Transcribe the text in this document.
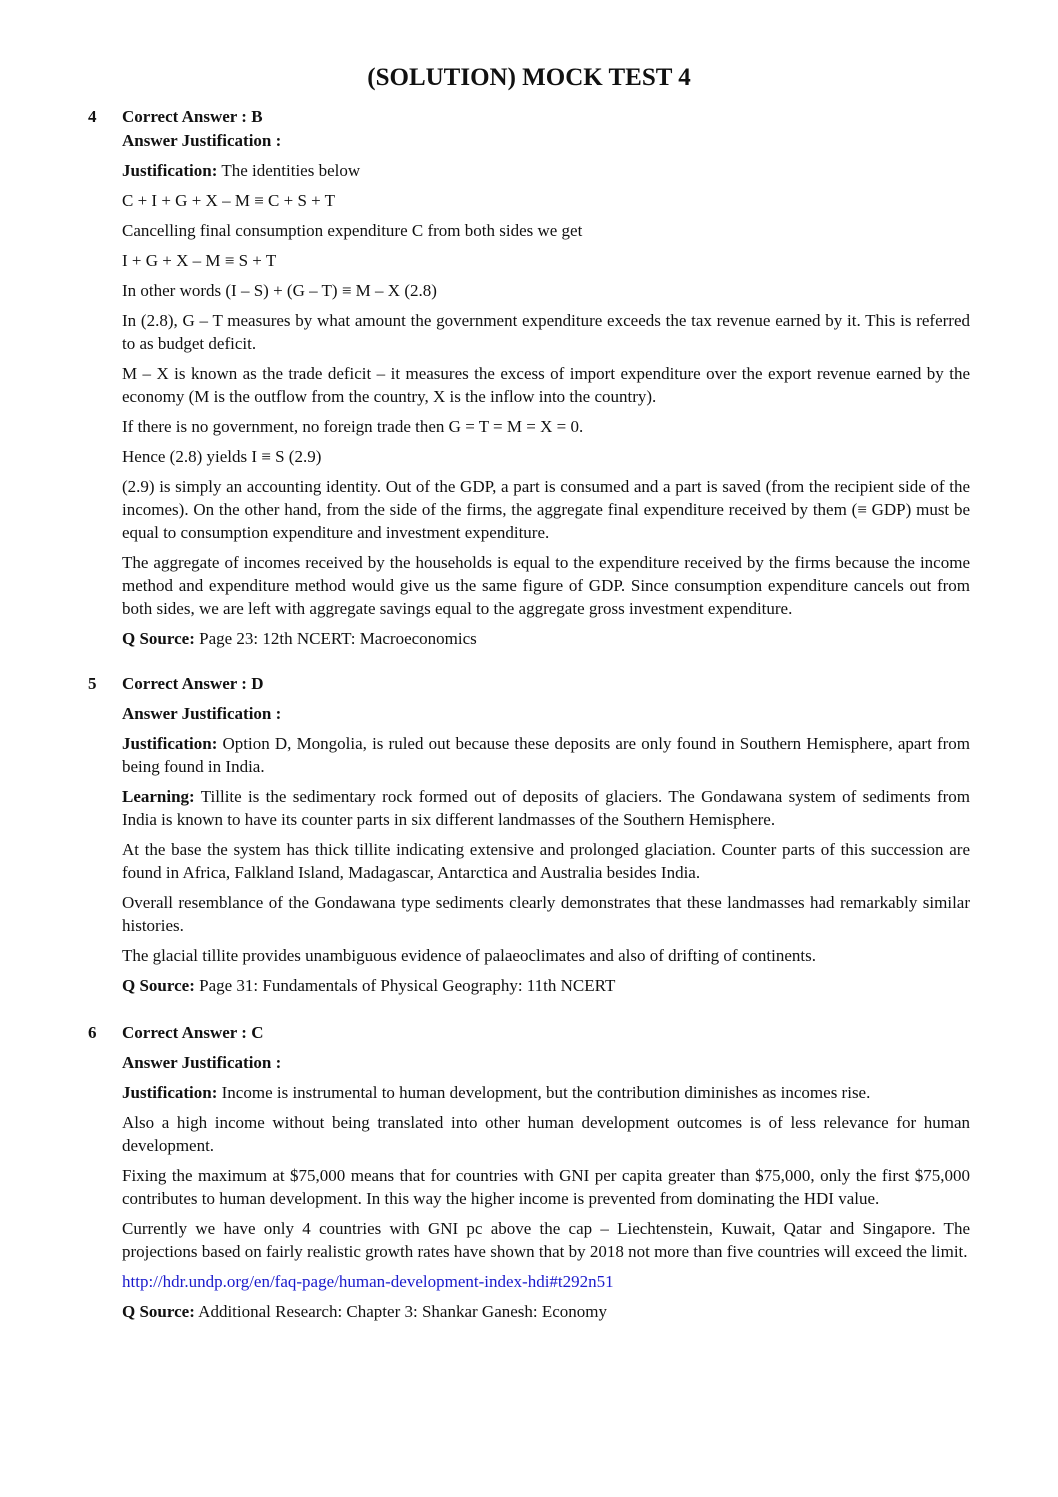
(SOLUTION) MOCK TEST 4
4 Correct Answer : B

Answer Justification :

Justification: The identities below

C + I + G + X – M ≡ C + S + T

Cancelling final consumption expenditure C from both sides we get

I + G + X – M ≡ S + T

In other words (I – S) + (G – T) ≡ M – X (2.8)

In (2.8), G – T measures by what amount the government expenditure exceeds the tax revenue earned by it. This is referred to as budget deficit.

M – X is known as the trade deficit – it measures the excess of import expenditure over the export revenue earned by the economy (M is the outflow from the country, X is the inflow into the country).

If there is no government, no foreign trade then G = T = M = X = 0.

Hence (2.8) yields I ≡ S (2.9)

(2.9) is simply an accounting identity. Out of the GDP, a part is consumed and a part is saved (from the recipient side of the incomes). On the other hand, from the side of the firms, the aggregate final expenditure received by them (≡ GDP) must be equal to consumption expenditure and investment expenditure.

The aggregate of incomes received by the households is equal to the expenditure received by the firms because the income method and expenditure method would give us the same figure of GDP. Since consumption expenditure cancels out from both sides, we are left with aggregate savings equal to the aggregate gross investment expenditure.

Q Source: Page 23: 12th NCERT: Macroeconomics

5 Correct Answer : D

Answer Justification :

Justification: Option D, Mongolia, is ruled out because these deposits are only found in Southern Hemisphere, apart from being found in India.

Learning: Tillite is the sedimentary rock formed out of deposits of glaciers. The Gondawana system of sediments from India is known to have its counter parts in six different landmasses of the Southern Hemisphere.

At the base the system has thick tillite indicating extensive and prolonged glaciation. Counter parts of this succession are found in Africa, Falkland Island, Madagascar, Antarctica and Australia besides India.

Overall resemblance of the Gondawana type sediments clearly demonstrates that these landmasses had remarkably similar histories.

The glacial tillite provides unambiguous evidence of palaeoclimates and also of drifting of continents.

Q Source: Page 31: Fundamentals of Physical Geography: 11th NCERT

6 Correct Answer : C

Answer Justification :

Justification: Income is instrumental to human development, but the contribution diminishes as incomes rise.

Also a high income without being translated into other human development outcomes is of less relevance for human development.

Fixing the maximum at $75,000 means that for countries with GNI per capita greater than $75,000, only the first $75,000 contributes to human development. In this way the higher income is prevented from dominating the HDI value.

Currently we have only 4 countries with GNI pc above the cap – Liechtenstein, Kuwait, Qatar and Singapore. The projections based on fairly realistic growth rates have shown that by 2018 not more than five countries will exceed the limit.

http://hdr.undp.org/en/faq-page/human-development-index-hdi#t292n51

Q Source: Additional Research: Chapter 3: Shankar Ganesh: Economy
